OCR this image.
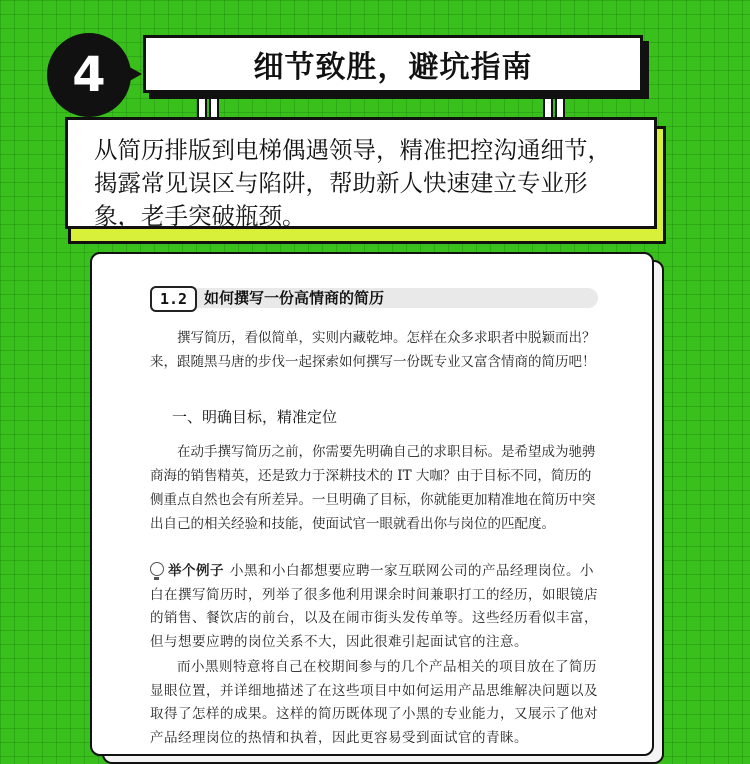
4	细节致胜，避坑指南

从简历排版到电梯偶遇领导，精准把控沟通细节，揭露常见误区与陷阱，帮助新人快速建立专业形象，老手突破瓶颈。

1.2	如何撰写一份高情商的简历

撰写简历，看似简单，实则内藏乾坤。怎样在众多求职者中脱颖而出？来，跟随黑马唐的步伐一起探索如何撰写一份既专业又富含情商的简历吧！

一、明确目标，精准定位

在动手撰写简历之前，你需要先明确自己的求职目标。是希望成为驰骋商海的销售精英，还是致力于深耕技术的 IT 大咖？由于目标不同，简历的侧重点自然也会有所差异。一旦明确了目标，你就能更加精准地在简历中突出自己的相关经验和技能，使面试官一眼就看出你与岗位的匹配度。

举个例子 小黑和小白都想要应聘一家互联网公司的产品经理岗位。小白在撰写简历时，列举了很多他利用课余时间兼职打工的经历，如眼镜店的销售、餐饮店的前台，以及在闹市街头发传单等。这些经历看似丰富，但与想要应聘的岗位关系不大，因此很难引起面试官的注意。

而小黑则特意将自己在校期间参与的几个产品相关的项目放在了简历显眼位置，并详细地描述了在这些项目中如何运用产品思维解决问题以及取得了怎样的成果。这样的简历既体现了小黑的专业能力，又展示了他对产品经理岗位的热情和执着，因此更容易受到面试官的青睐。
